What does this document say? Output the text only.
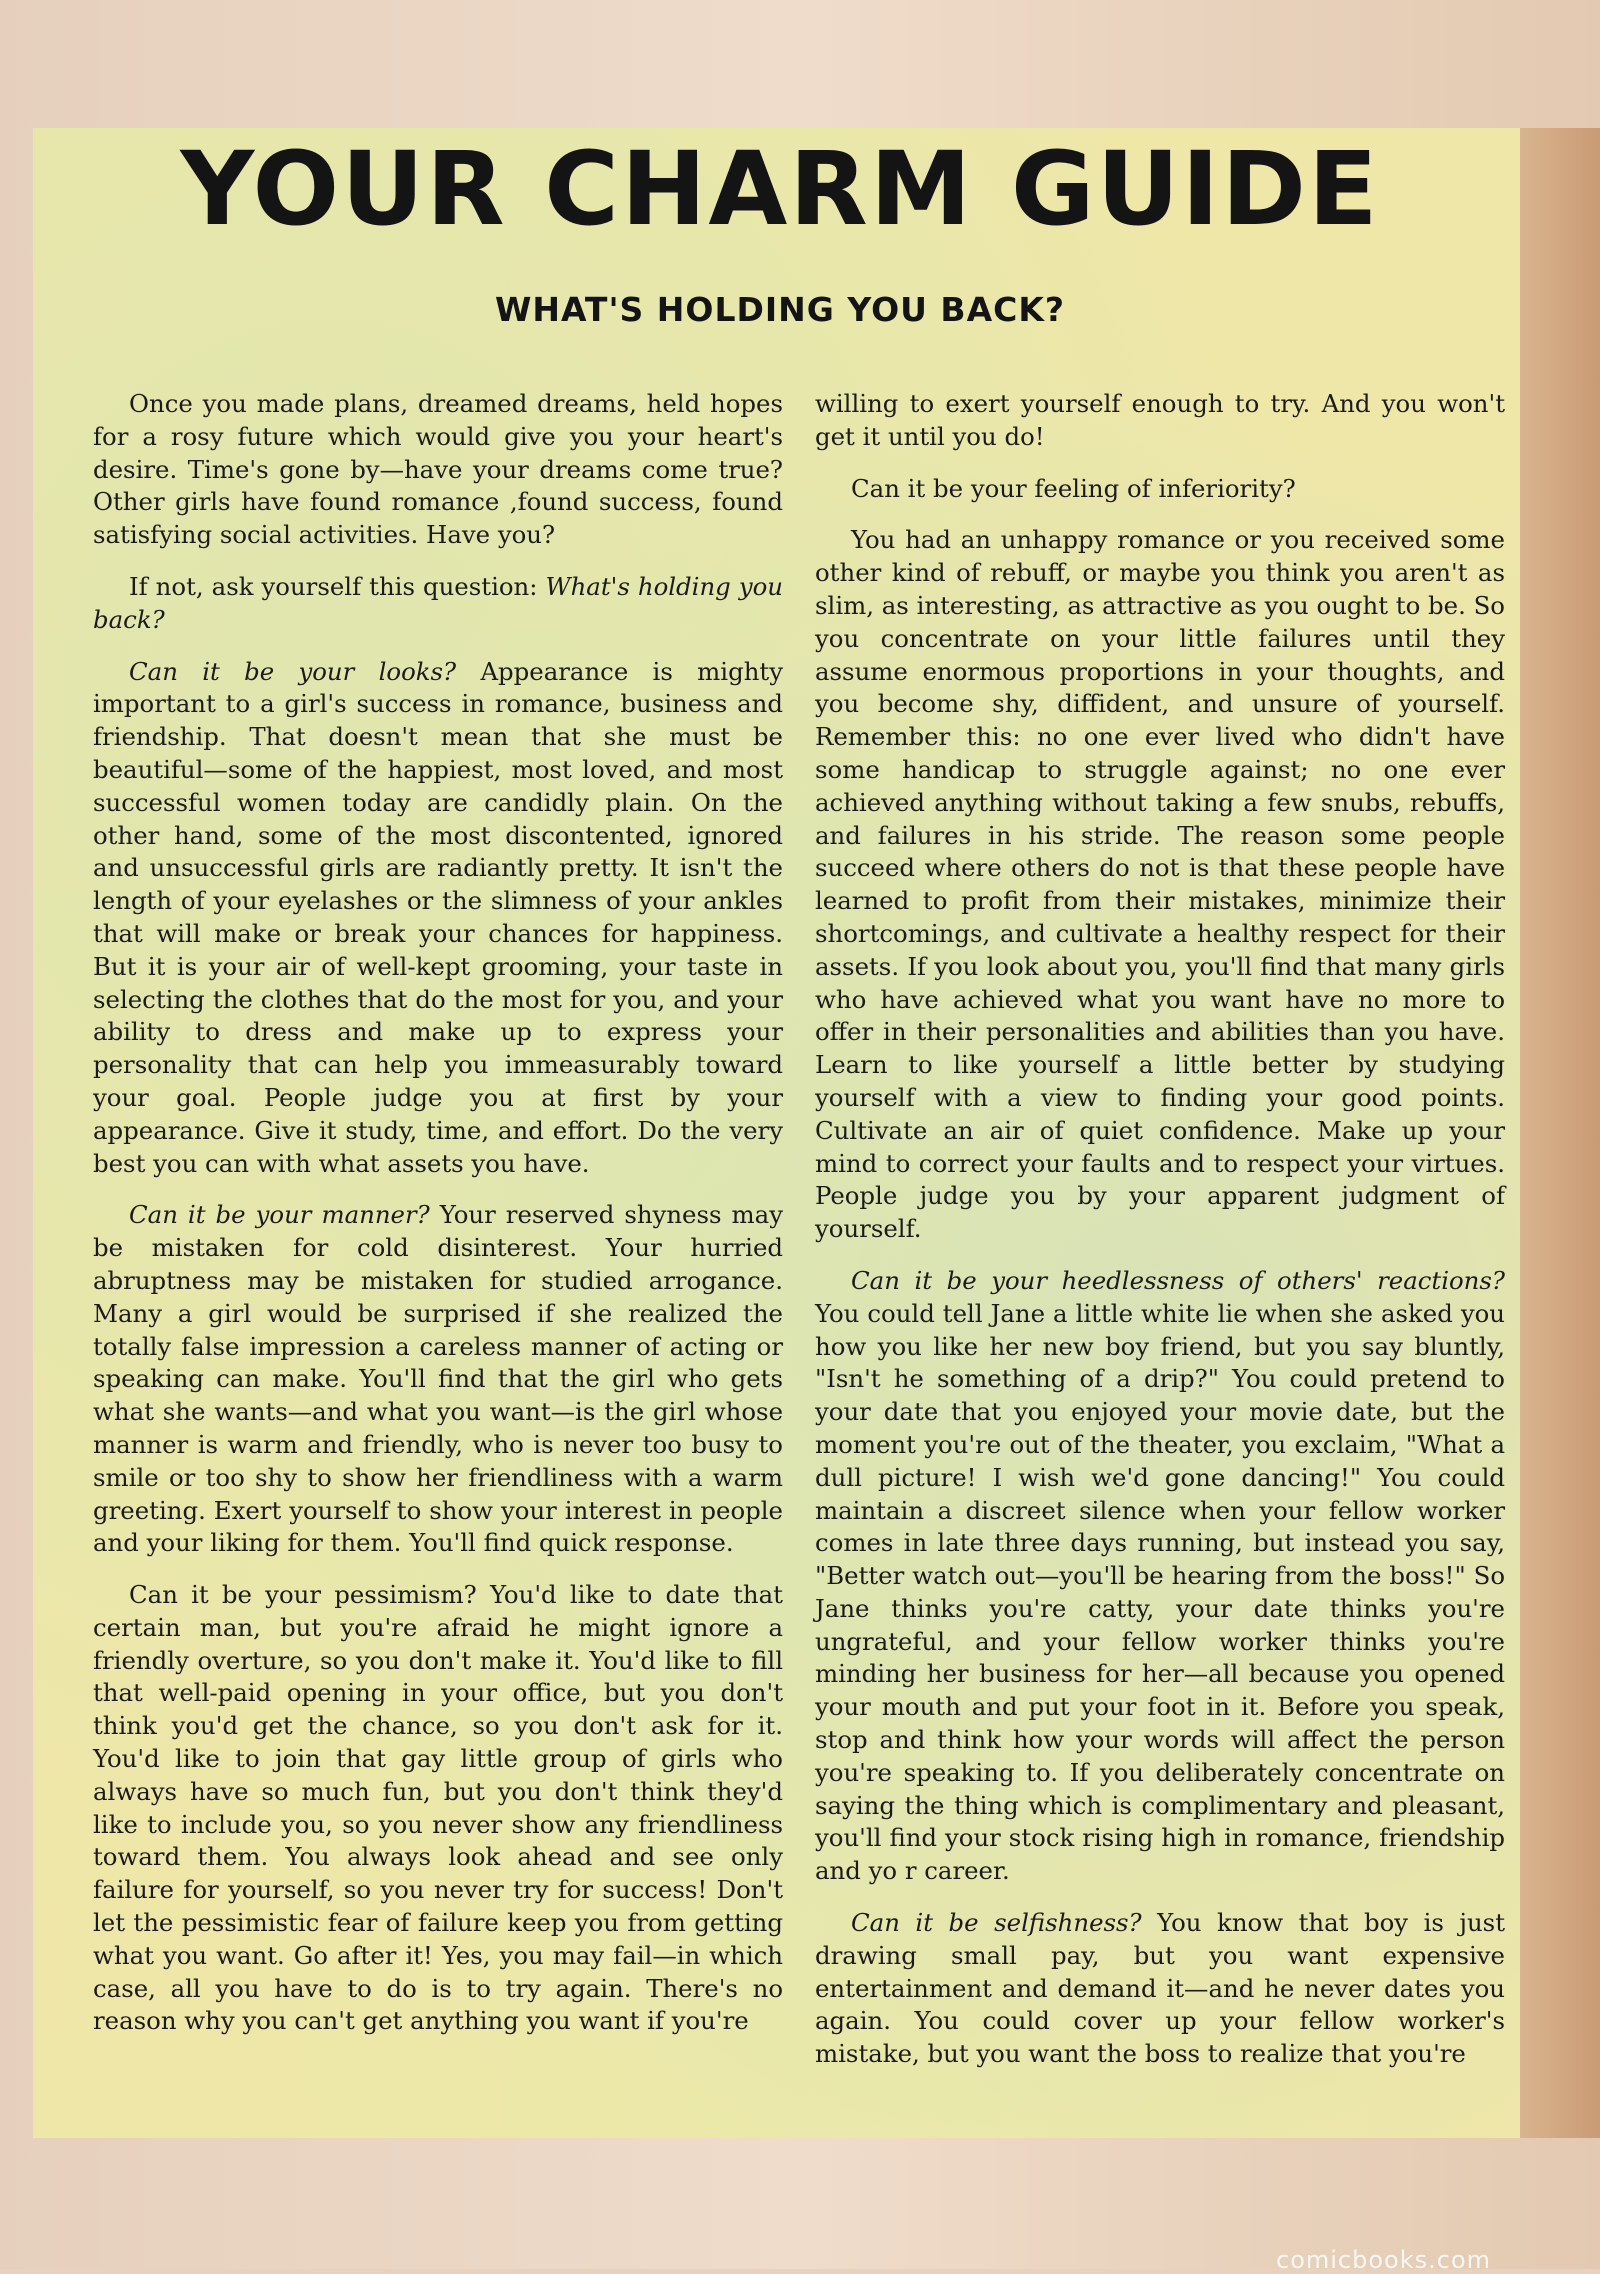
YOUR CHARM GUIDE
WHAT'S HOLDING YOU BACK?

Once you made plans, dreamed dreams, held hopes for a rosy future which would give you your heart's desire. Time's gone by—have your dreams come true? Other girls have found romance ,found success, found satisfying social activities. Have you?

If not, ask yourself this question: What's holding you back?

Can it be your looks? Appearance is mighty important to a girl's success in romance, business and friendship. That doesn't mean that she must be beautiful—some of the happiest, most loved, and most successful women today are candidly plain. On the other hand, some of the most discontented, ignored and unsuccessful girls are radiantly pretty. It isn't the length of your eyelashes or the slimness of your ankles that will make or break your chances for happiness. But it is your air of well-kept grooming, your taste in selecting the clothes that do the most for you, and your ability to dress and make up to express your personality that can help you immeasurably toward your goal. People judge you at first by your appearance. Give it study, time, and effort. Do the very best you can with what assets you have.

Can it be your manner? Your reserved shyness may be mistaken for cold disinterest. Your hurried abruptness may be mistaken for studied arrogance. Many a girl would be surprised if she realized the totally false impression a careless manner of acting or speaking can make. You'll find that the girl who gets what she wants—and what you want—is the girl whose manner is warm and friendly, who is never too busy to smile or too shy to show her friendliness with a warm greeting. Exert yourself to show your interest in people and your liking for them. You'll find quick response.

Can it be your pessimism? You'd like to date that certain man, but you're afraid he might ignore a friendly overture, so you don't make it. You'd like to fill that well-paid opening in your office, but you don't think you'd get the chance, so you don't ask for it. You'd like to join that gay little group of girls who always have so much fun, but you don't think they'd like to include you, so you never show any friendliness toward them. You always look ahead and see only failure for yourself, so you never try for success! Don't let the pessimistic fear of failure keep you from getting what you want. Go after it! Yes, you may fail—in which case, all you have to do is to try again. There's no reason why you can't get anything you want if you're

willing to exert yourself enough to try. And you won't get it until you do!

Can it be your feeling of inferiority?

You had an unhappy romance or you received some other kind of rebuff, or maybe you think you aren't as slim, as interesting, as attractive as you ought to be. So you concentrate on your little failures until they assume enormous proportions in your thoughts, and you become shy, diffident, and unsure of yourself. Remember this: no one ever lived who didn't have some handicap to struggle against; no one ever achieved anything without taking a few snubs, rebuffs, and failures in his stride. The reason some people succeed where others do not is that these people have learned to profit from their mistakes, minimize their shortcomings, and cultivate a healthy respect for their assets. If you look about you, you'll find that many girls who have achieved what you want have no more to offer in their personalities and abilities than you have. Learn to like yourself a little better by studying yourself with a view to finding your good points. Cultivate an air of quiet confidence. Make up your mind to correct your faults and to respect your virtues. People judge you by your apparent judgment of yourself.

Can it be your heedlessness of others' reactions? You could tell Jane a little white lie when she asked you how you like her new boy friend, but you say bluntly, "Isn't he something of a drip?" You could pretend to your date that you enjoyed your movie date, but the moment you're out of the theater, you exclaim, "What a dull picture! I wish we'd gone dancing!" You could maintain a discreet silence when your fellow worker comes in late three days running, but instead you say, "Better watch out—you'll be hearing from the boss!" So Jane thinks you're catty, your date thinks you're ungrateful, and your fellow worker thinks you're minding her business for her—all because you opened your mouth and put your foot in it. Before you speak, stop and think how your words will affect the person you're speaking to. If you deliberately concentrate on saying the thing which is complimentary and pleasant, you'll find your stock rising high in romance, friendship and yo r career.

Can it be selfishness? You know that boy is just drawing small pay, but you want expensive entertainment and demand it—and he never dates you again. You could cover up your fellow worker's mistake, but you want the boss to realize that you're

comicbooks.com
